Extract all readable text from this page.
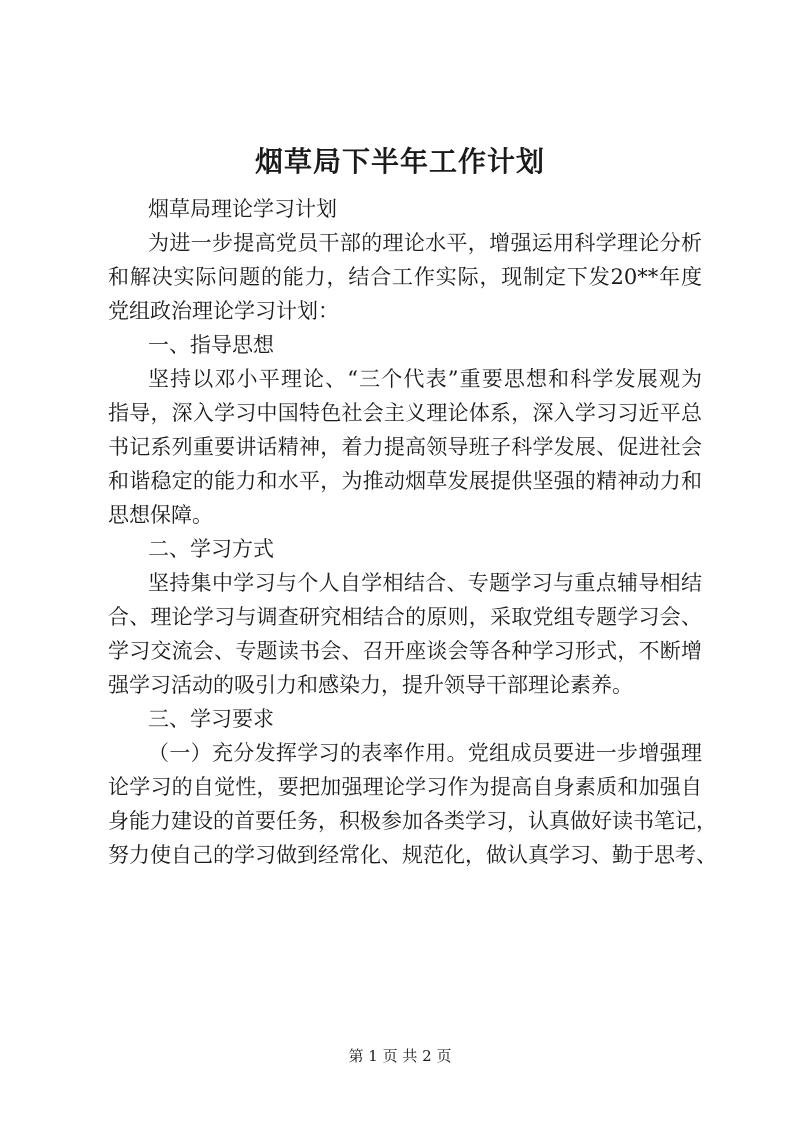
烟草局下半年工作计划
烟草局理论学习计划
为进一步提高党员干部的理论水平，增强运用科学理论分析
和解决实际问题的能力，结合工作实际，现制定下发20**年度
党组政治理论学习计划：
一、指导思想
坚持以邓小平理论、“三个代表”重要思想和科学发展观为
指导，深入学习中国特色社会主义理论体系，深入学习习近平总
书记系列重要讲话精神，着力提高领导班子科学发展、促进社会
和谐稳定的能力和水平，为推动烟草发展提供坚强的精神动力和
思想保障。
二、学习方式
坚持集中学习与个人自学相结合、专题学习与重点辅导相结
合、理论学习与调查研究相结合的原则，采取党组专题学习会、
学习交流会、专题读书会、召开座谈会等各种学习形式，不断增
强学习活动的吸引力和感染力，提升领导干部理论素养。
三、学习要求
（一）充分发挥学习的表率作用。党组成员要进一步增强理
论学习的自觉性，要把加强理论学习作为提高自身素质和加强自
身能力建设的首要任务，积极参加各类学习，认真做好读书笔记，
努力使自己的学习做到经常化、规范化，做认真学习、勤于思考、
第 1 页 共 2 页
